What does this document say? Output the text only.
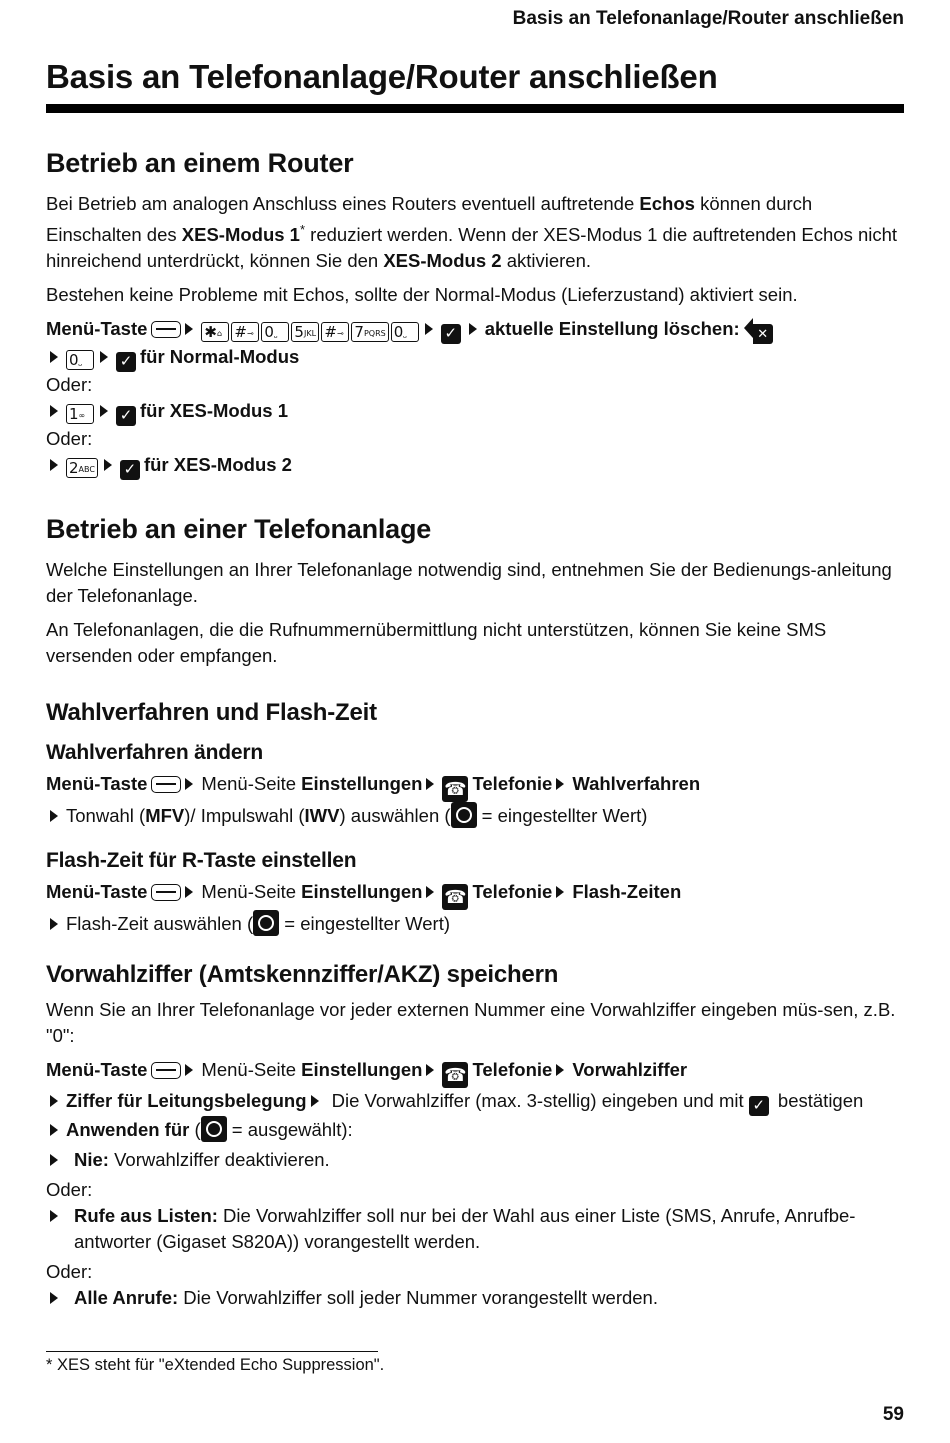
Basis an Telefonanlage/Router anschließen
Basis an Telefonanlage/Router anschließen
Betrieb an einem Router

Bei Betrieb am analogen Anschluss eines Routers eventuell auftretende Echos können durch Einschalten des XES-Modus 1* reduziert werden. Wenn der XES-Modus 1 die auftretenden Echos nicht hinreichend unterdrückt, können Sie den XES-Modus 2 aktivieren.

Bestehen keine Probleme mit Echos, sollte der Normal-Modus (Lieferzustand) aktiviert sein.

Menü-Taste	✱⌂ #⊸ 0⎵ 5JKL #⊸ 7PQRS 0⎵	✓ aktuelle Einstellung löschen: ✕
0⎵	✓ für Normal-Modus
Oder:
1∞ ✓ für XES-Modus 1
Oder:
2ABC ✓ für XES-Modus 2
Betrieb an einer Telefonanlage

Welche Einstellungen an Ihrer Telefonanlage notwendig sind, entnehmen Sie der Bedienungs-anleitung der Telefonanlage.

An Telefonanlagen, die die Rufnummernübermittlung nicht unterstützen, können Sie keine SMS versenden oder empfangen.

Wahlverfahren und Flash-Zeit
Wahlverfahren ändern
Menü-Taste	Menü-Seite Einstellungen ☎ Telefonie Wahlverfahren
Tonwahl (MFV)/ Impulswahl (IWV) auswählen ( = eingestellter Wert)
Flash-Zeit für R-Taste einstellen
Menü-Taste	Menü-Seite Einstellungen ☎ Telefonie Flash-Zeiten
Flash-Zeit auswählen ( = eingestellter Wert)
Vorwahlziffer (Amtskennziffer/AKZ) speichern

Wenn Sie an Ihrer Telefonanlage vor jeder externen Nummer eine Vorwahlziffer eingeben müs-sen, z.B. "0":

Menü-Taste	Menü-Seite Einstellungen ☎ Telefonie Vorwahlziffer
Ziffer für Leitungsbelegung Die Vorwahlziffer (max. 3-stellig) eingeben und mit ✓ bestätigen
Anwenden für ( = ausgewählt):
Nie: Vorwahlziffer deaktivieren.
Oder:
Rufe aus Listen: Die Vorwahlziffer soll nur bei der Wahl aus einer Liste (SMS, Anrufe, Anrufbe-antworter (Gigaset S820A)) vorangestellt werden.
Oder:
Alle Anrufe: Die Vorwahlziffer soll jeder Nummer vorangestellt werden.
* XES steht für "eXtended Echo Suppression".
59
